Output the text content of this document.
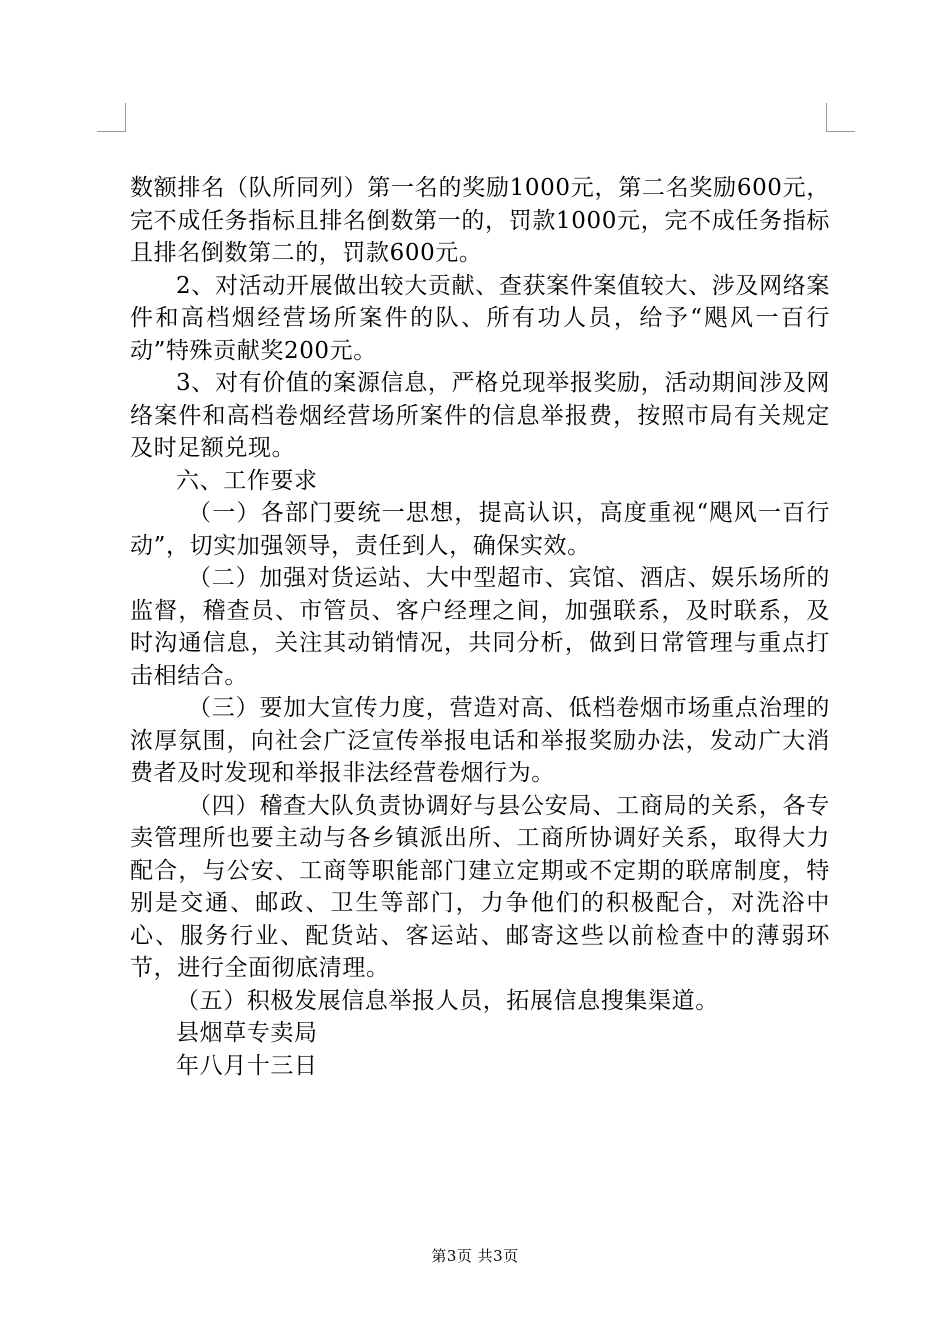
数额排名（队所同列）第一名的奖励1000元，第二名奖励600元，完不成任务指标且排名倒数第一的，罚款1000元，完不成任务指标且排名倒数第二的，罚款600元。

2、对活动开展做出较大贡献、查获案件案值较大、涉及网络案件和高档烟经营场所案件的队、所有功人员，给予“飓风一百行动”特殊贡献奖200元。

3、对有价值的案源信息，严格兑现举报奖励，活动期间涉及网络案件和高档卷烟经营场所案件的信息举报费，按照市局有关规定及时足额兑现。

六、工作要求

（一）各部门要统一思想，提高认识，高度重视“飓风一百行动”，切实加强领导，责任到人，确保实效。

（二）加强对货运站、大中型超市、宾馆、酒店、娱乐场所的监督，稽查员、市管员、客户经理之间，加强联系，及时联系，及时沟通信息，关注其动销情况，共同分析，做到日常管理与重点打击相结合。

（三）要加大宣传力度，营造对高、低档卷烟市场重点治理的浓厚氛围，向社会广泛宣传举报电话和举报奖励办法，发动广大消费者及时发现和举报非法经营卷烟行为。

（四）稽查大队负责协调好与县公安局、工商局的关系，各专卖管理所也要主动与各乡镇派出所、工商所协调好关系，取得大力配合，与公安、工商等职能部门建立定期或不定期的联席制度，特别是交通、邮政、卫生等部门，力争他们的积极配合，对洗浴中心、服务行业、配货站、客运站、邮寄这些以前检查中的薄弱环节，进行全面彻底清理。

（五）积极发展信息举报人员，拓展信息搜集渠道。

县烟草专卖局

年八月十三日

第3页 共3页
